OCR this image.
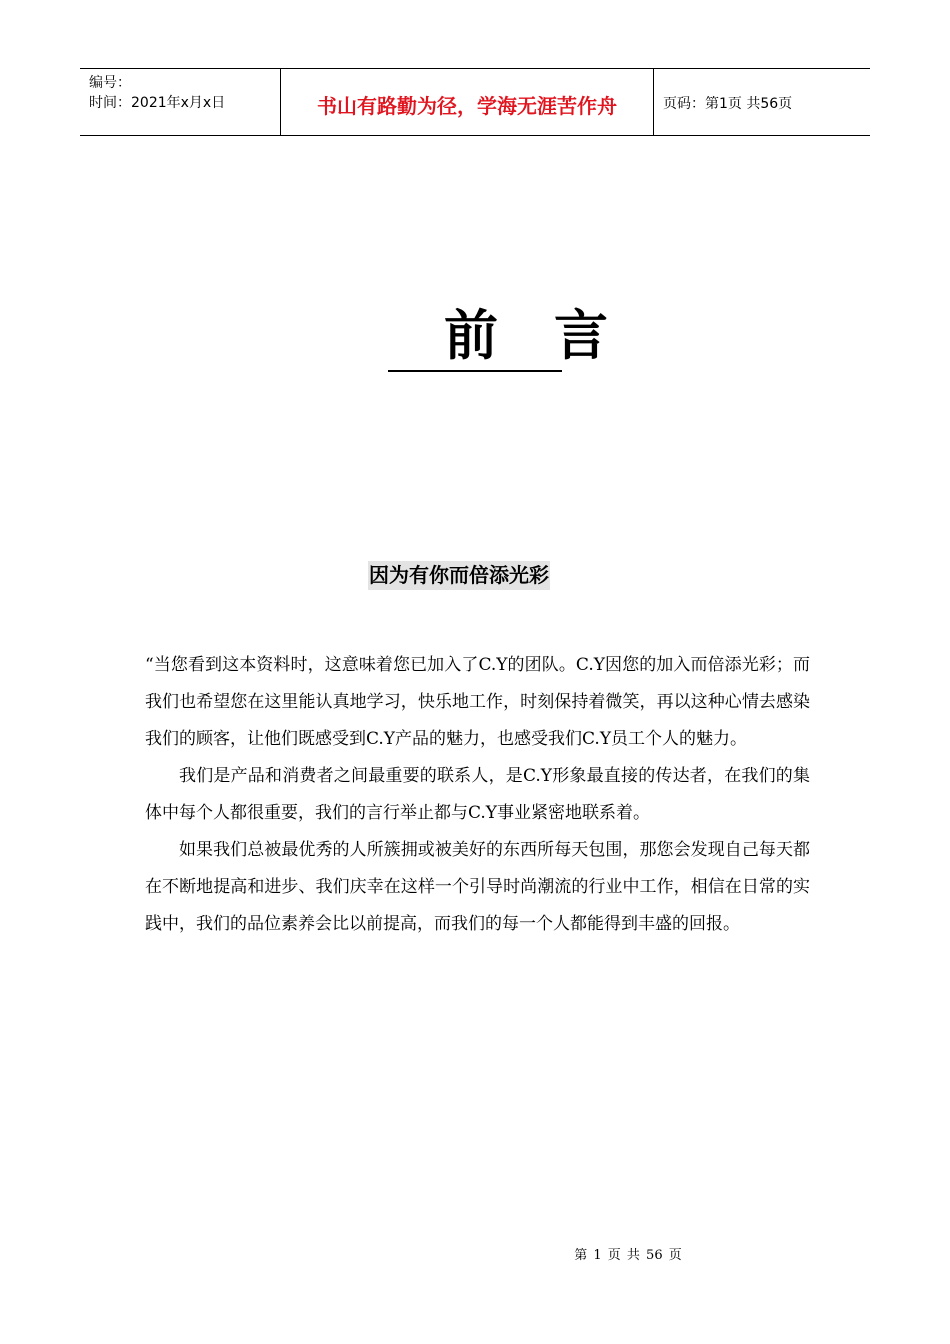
编号：
时间：2021年x月x日	书山有路勤为径，学海无涯苦作舟	页码：第1页 共56页
前言
因为有你而倍添光彩

“当您看到这本资料时，这意味着您已加入了C.Y的团队。C.Y因您的加入而倍添光彩；而我们也希望您在这里能认真地学习，快乐地工作，时刻保持着微笑，再以这种心情去感染我们的顾客，让他们既感受到C.Y产品的魅力，也感受我们C.Y员工个人的魅力。

我们是产品和消费者之间最重要的联系人，是C.Y形象最直接的传达者，在我们的集体中每个人都很重要，我们的言行举止都与C.Y事业紧密地联系着。

如果我们总被最优秀的人所簇拥或被美好的东西所每天包围，那您会发现自己每天都在不断地提高和进步、我们庆幸在这样一个引导时尚潮流的行业中工作，相信在日常的实践中，我们的品位素养会比以前提高，而我们的每一个人都能得到丰盛的回报。

第 1 页 共 56 页
